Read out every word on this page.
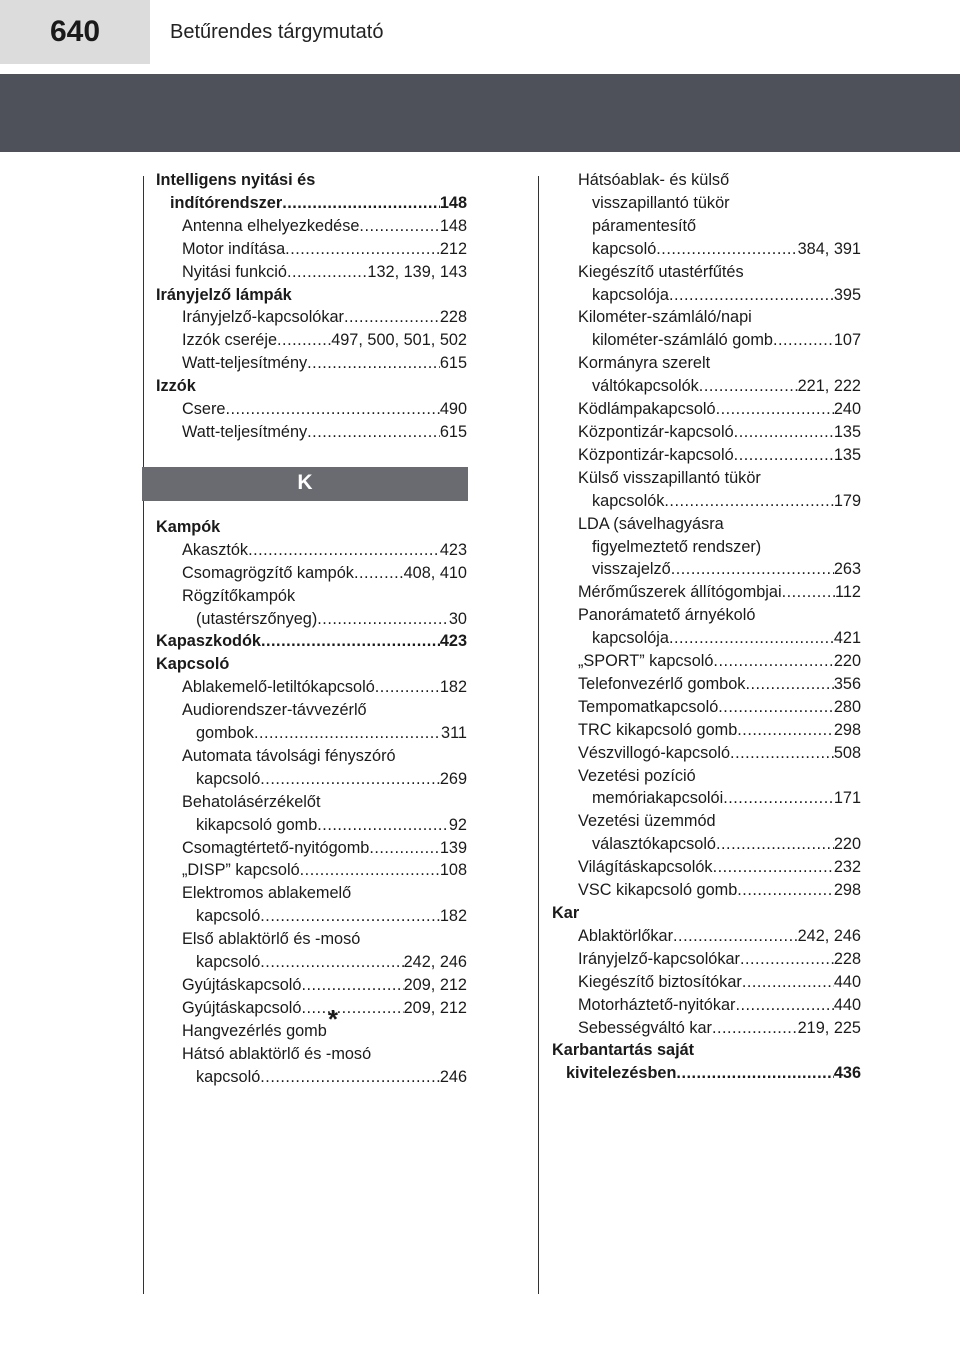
640	Betűrendes tárgymutató
Intelligens nyitási és
indítórendszer .....	148
Antenna elhelyezkedése .....	148
Motor indítása .....	212
Nyitási funkció .....	132, 139, 143
Irányjelző lámpák
Irányjelző-kapcsolókar .....	228
Izzók cseréje .....	497, 500, 501, 502
Watt-teljesítmény .....	615
Izzók
Csere .....	490
Watt-teljesítmény .....	615
K
Kampók
Akasztók .....	423
Csomagrögzítő kampók .....	408, 410
Rögzítőkampók
(utastérszőnyeg) .....	30
Kapaszkodók .....	423
Kapcsoló
Ablakemelő-letiltókapcsoló .....	182
Audiorendszer-távvezérlő
gombok .....	311
Automata távolsági fényszóró
kapcsoló .....	269
Behatolásérzékelőt
kikapcsoló gomb .....	92
Csomagtértető-nyitógomb .....	139
„DISP” kapcsoló .....	108
Elektromos ablakemelő
kapcsoló .....	182
Első ablaktörlő és -mosó
kapcsoló .....	242, 246
Gyújtáskapcsoló .....	209, 212
Gyújtáskapcsoló .....	209, 212
Hangvezérlés gomb*
Hátsó ablaktörlő és -mosó
kapcsoló .....	246
Hátsóablak- és külső
visszapillantó tükör
páramentesítő
kapcsoló .....	384, 391
Kiegészítő utastérfűtés
kapcsolója .....	395
Kilométer-számláló/napi
kilométer-számláló gomb .....	107
Kormányra szerelt
váltókapcsolók .....	221, 222
Ködlámpakapcsoló .....	240
Központizár-kapcsoló .....	135
Központizár-kapcsoló .....	135
Külső visszapillantó tükör
kapcsolók .....	179
LDA (sávelhagyásra
figyelmeztető rendszer)
visszajelző .....	263
Mérőműszerek állítógombjai .....	112
Panorámatető árnyékoló
kapcsolója .....	421
„SPORT” kapcsoló .....	220
Telefonvezérlő gombok .....	356
Tempomatkapcsoló .....	280
TRC kikapcsoló gomb .....	298
Vészvillogó-kapcsoló .....	508
Vezetési pozíció
memóriakapcsolói .....	171
Vezetési üzemmód
választókapcsoló .....	220
Világításkapcsolók .....	232
VSC kikapcsoló gomb .....	298
Kar
Ablaktörlőkar .....	242, 246
Irányjelző-kapcsolókar .....	228
Kiegészítő biztosítókar .....	440
Motorháztető-nyitókar .....	440
Sebességváltó kar .....	219, 225
Karbantartás saját
kivitelezésben .....	436
